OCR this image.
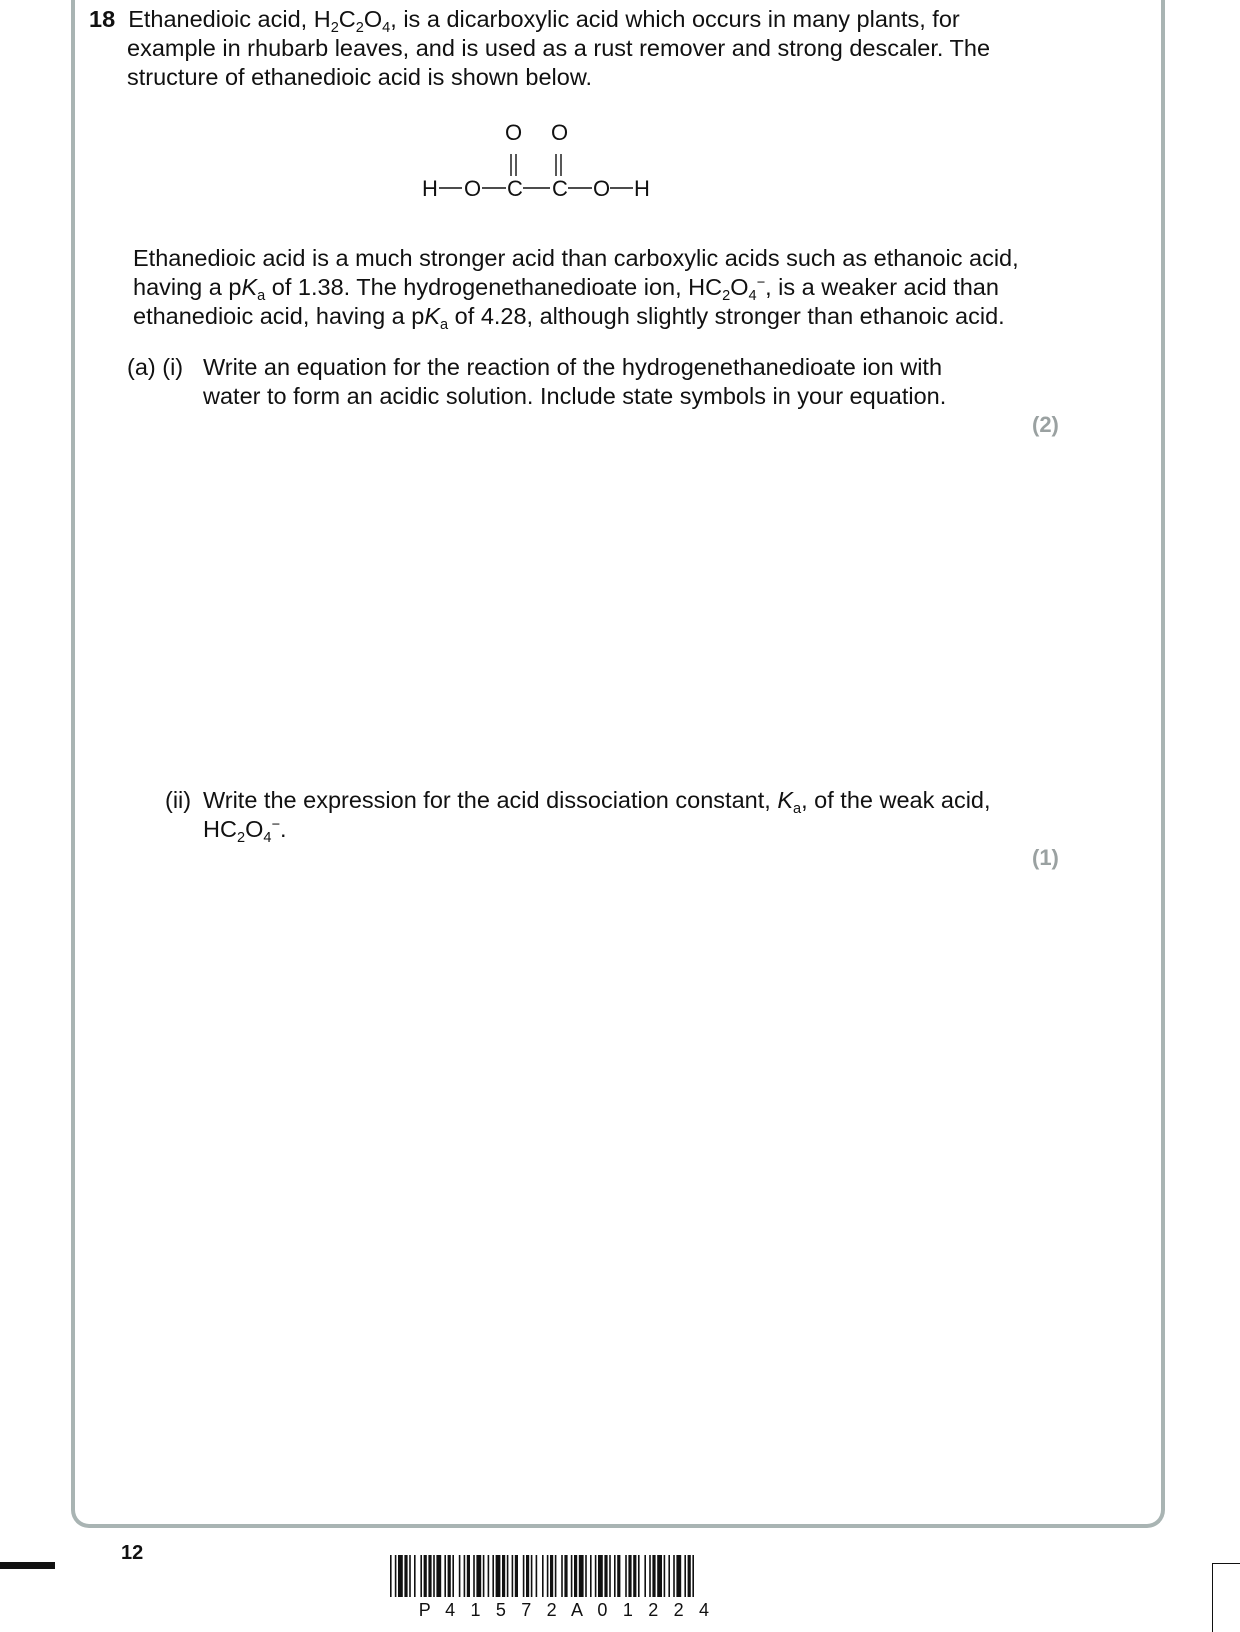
18 Ethanedioic acid, $H_2C_2O_4$, is a dicarboxylic acid which occurs in many plants, for
example in rhubarb leaves, and is used as a rust remover and strong descaler. The
structure of ethanedioic acid is shown below.
O O
H O C C O H
Ethanedioic acid is a much stronger acid than carboxylic acids such as ethanoic acid,
having a $pK_a$ of 1.38. The hydrogenethanedioate ion, $HC_2O_4^-$, is a weaker acid than
ethanedioic acid, having a $pK_a$ of 4.28, although slightly stronger than ethanoic acid.
(a) (i) Write an equation for the reaction of the hydrogenethanedioate ion with
water to form an acidic solution. Include state symbols in your equation.
(2)
(ii) Write the expression for the acid dissociation constant, $K_a$, of the weak acid,
$HC_2O_4^-$.
(1)
12
P 4 1 5 7 2 A 0 1 2 2 4
